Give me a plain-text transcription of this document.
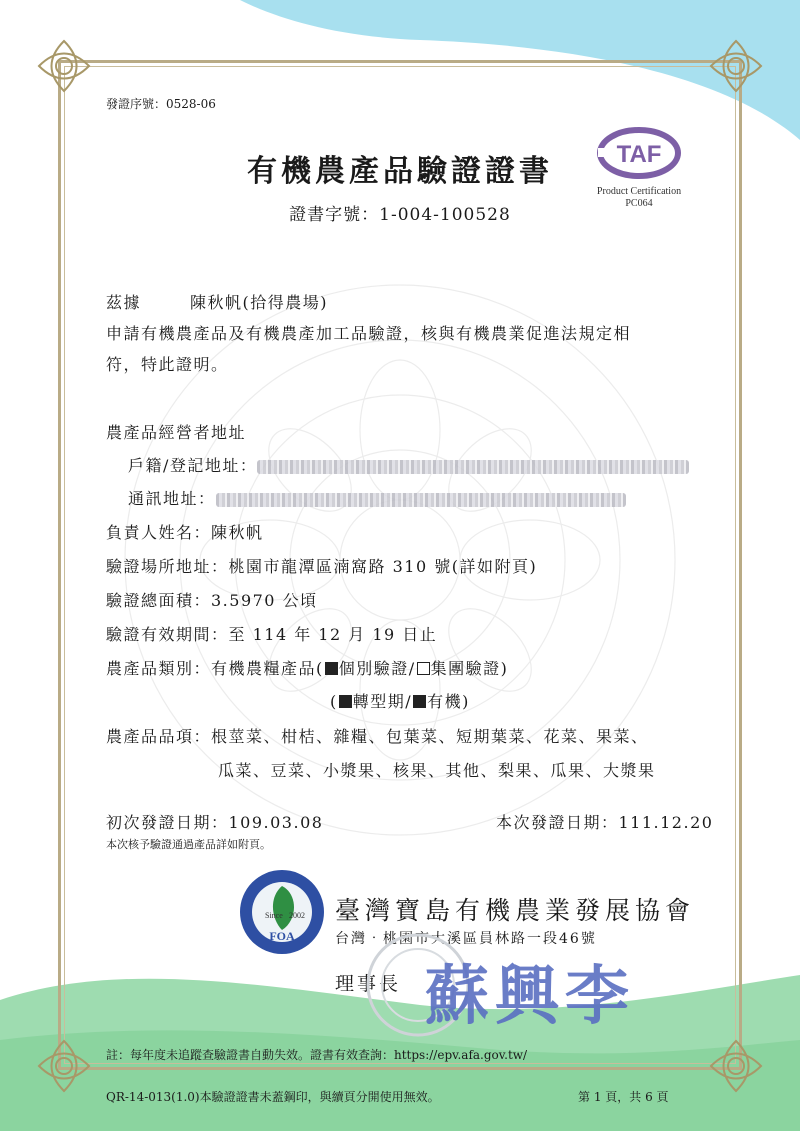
發證序號：0528-06
有機農產品驗證證書
證書字號：1-004-100528
TAF
Product Certification
PC064
茲據	陳秋帆(拾得農場)
申請有機農產品及有機農產加工品驗證，核與有機農業促進法規定相
符，特此證明。
農產品經營者地址
戶籍/登記地址：
通訊地址：
負責人姓名：陳秋帆
驗證場所地址：桃園市龍潭區湳窩路 310 號(詳如附頁)
驗證總面積：3.5970 公頃
驗證有效期間：至 114 年 12 月 19 日止
農產品類別：有機農糧產品( 個別驗證/ 集團驗證)
( 轉型期/ 有機)
農產品品項：根莖菜、柑桔、雜糧、包葉菜、短期葉菜、花菜、果菜、
瓜菜、豆菜、小漿果、核果、其他、梨果、瓜果、大漿果
初次發證日期：109.03.08	本次發證日期：111.12.20
本次核予驗證通過產品詳如附頁。
Since 2002
FOA
臺灣寶島有機農業發展協會
台灣‧桃園市大溪區員林路一段46號
理事長 蘇興李
註：每年度未追蹤查驗證書自動失效。證書有效查詢：https://epv.afa.gov.tw/
QR-14-013(1.0)本驗證證書未蓋鋼印，與續頁分開使用無效。	第 1 頁，共 6 頁
